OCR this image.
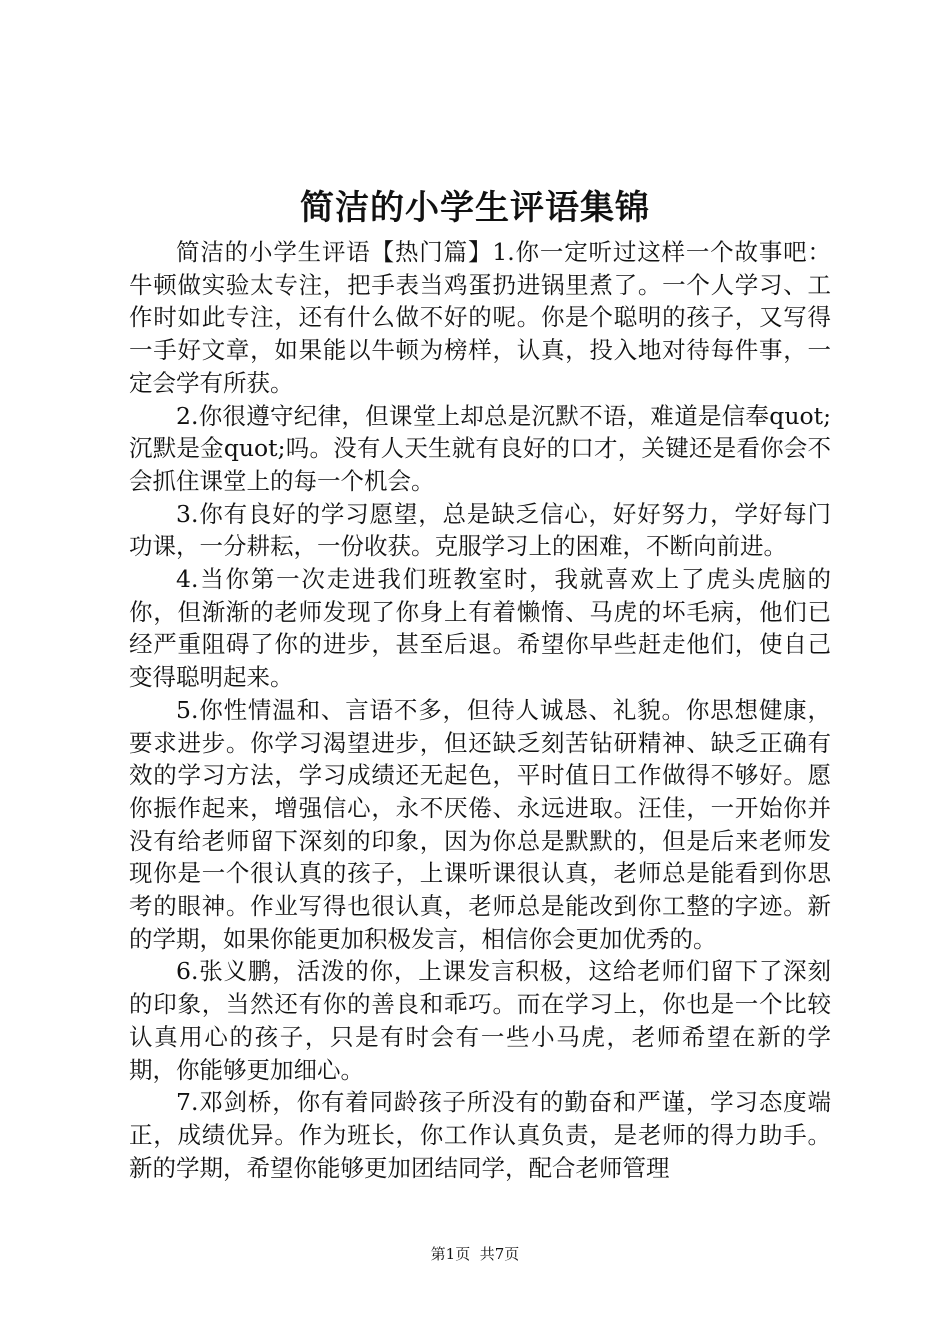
简洁的小学生评语集锦

简洁的小学生评语【热门篇】1.你一定听过这样一个故事吧：牛顿做实验太专注，把手表当鸡蛋扔进锅里煮了。一个人学习、工作时如此专注，还有什么做不好的呢。你是个聪明的孩子，又写得一手好文章，如果能以牛顿为榜样，认真，投入地对待每件事，一定会学有所获。

2.你很遵守纪律，但课堂上却总是沉默不语，难道是信奉quot;沉默是金quot;吗。没有人天生就有良好的口才，关键还是看你会不会抓住课堂上的每一个机会。

3.你有良好的学习愿望，总是缺乏信心，好好努力，学好每门功课，一分耕耘，一份收获。克服学习上的困难，不断向前进。

4.当你第一次走进我们班教室时，我就喜欢上了虎头虎脑的你，但渐渐的老师发现了你身上有着懒惰、马虎的坏毛病，他们已经严重阻碍了你的进步，甚至后退。希望你早些赶走他们，使自己变得聪明起来。

5.你性情温和、言语不多，但待人诚恳、礼貌。你思想健康，要求进步。你学习渴望进步，但还缺乏刻苦钻研精神、缺乏正确有效的学习方法，学习成绩还无起色，平时值日工作做得不够好。愿你振作起来，增强信心，永不厌倦、永远进取。汪佳，一开始你并没有给老师留下深刻的印象，因为你总是默默的，但是后来老师发现你是一个很认真的孩子，上课听课很认真，老师总是能看到你思考的眼神。作业写得也很认真，老师总是能改到你工整的字迹。新的学期，如果你能更加积极发言，相信你会更加优秀的。

6.张义鹏，活泼的你，上课发言积极，这给老师们留下了深刻的印象，当然还有你的善良和乖巧。而在学习上，你也是一个比较认真用心的孩子，只是有时会有一些小马虎，老师希望在新的学期，你能够更加细心。

7.邓剑桥，你有着同龄孩子所没有的勤奋和严谨，学习态度端正，成绩优异。作为班长，你工作认真负责，是老师的得力助手。新的学期，希望你能够更加团结同学，配合老师管理

第1页 共7页
